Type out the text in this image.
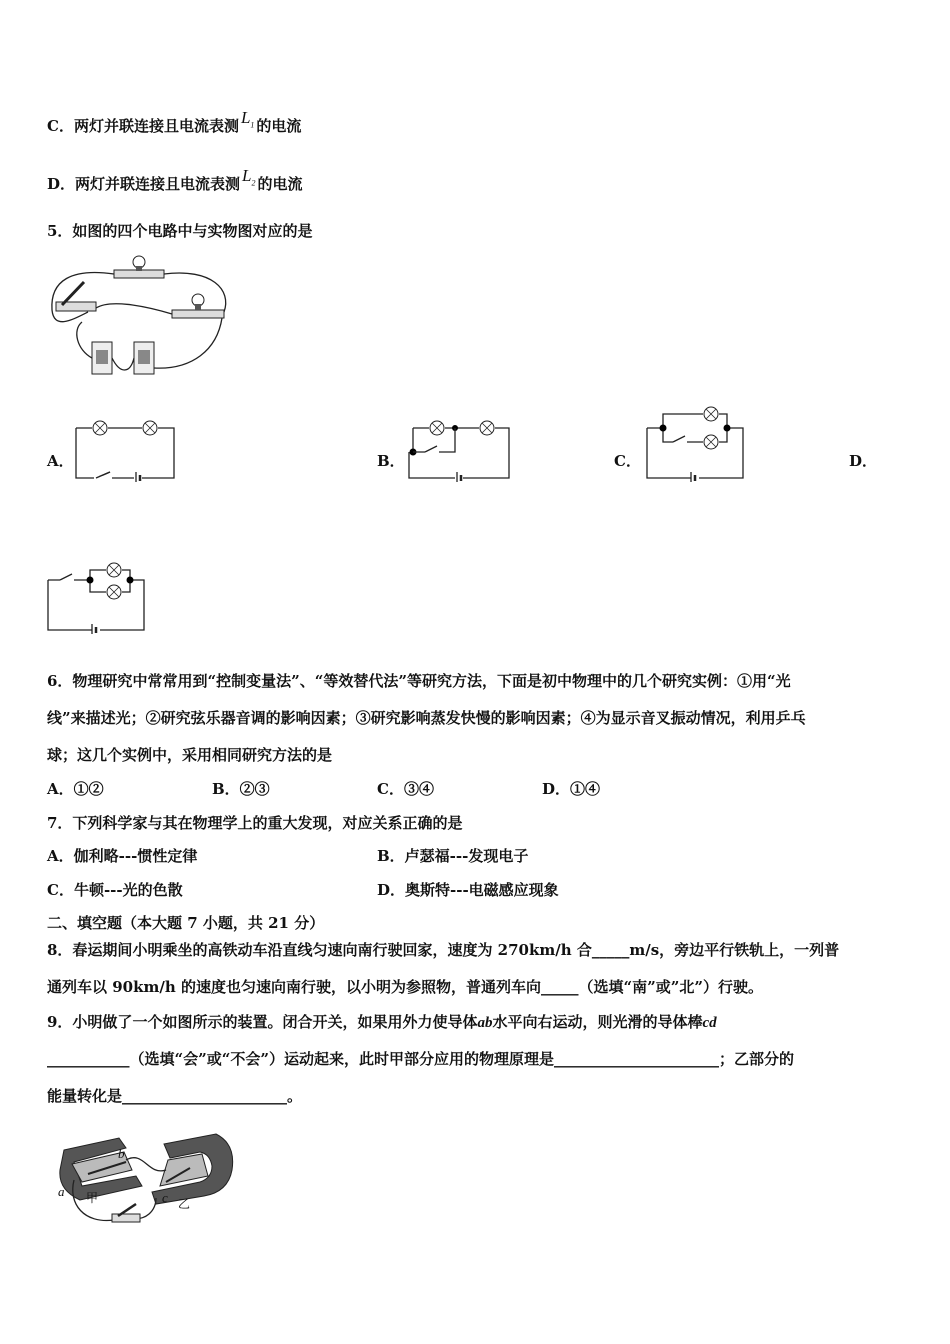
C．两灯并联连接且电流表测 $L_1$ 的电流
D．两灯并联连接且电流表测 $L_2$ 的电流
5．如图的四个电路中与实物图对应的是
A．	B．	C．	D．
6．物理研究中常常用到“控制变量法”、“等效替代法”等研究方法，下面是初中物理中的几个研究实例：①用“光
线”来描述光；②研究弦乐器音调的影响因素；③研究影响蒸发快慢的影响因素；④为显示音叉振动情况，利用乒乓
球；这几个实例中，采用相同研究方法的是
A．①②	B．②③	C．③④	D．①④
7．下列科学家与其在物理学上的重大发现，对应关系正确的是
A．伽利略---惯性定律	B．卢瑟福---发现电子
C．牛顿---光的色散	D．奥斯特---电磁感应现象
二、填空题（本大题 7 小题，共 21 分）
8．春运期间小明乘坐的高铁动车沿直线匀速向南行驶回家，速度为 270km/h 合_____m/s，旁边平行铁轨上，一列普
通列车以 90km/h 的速度也匀速向南行驶，以小明为参照物，普通列车向_____（选填“南”或”北”）行驶。
9．小明做了一个如图所示的装置。闭合开关，如果用外力使导体ab水平向右运动，则光滑的导体棒cd
___________（选填“会”或“不会”）运动起来，此时甲部分应用的物理原理是______________________；乙部分的
能量转化是______________________。
a
b
c
甲	乙
